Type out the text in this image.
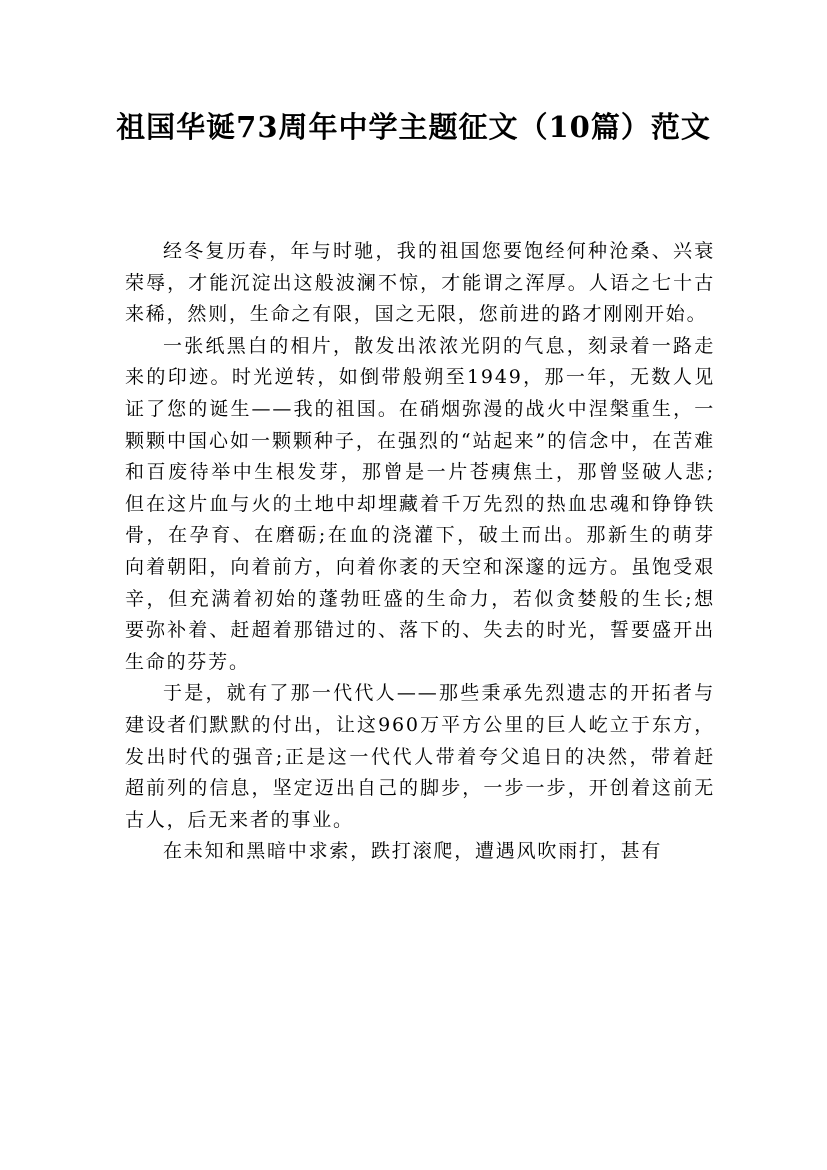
祖国华诞73周年中学主题征文（10篇）范文

经冬复历春，年与时驰，我的祖国您要饱经何种沧桑、兴衰荣辱，才能沉淀出这般波澜不惊，才能谓之浑厚。人语之七十古来稀，然则，生命之有限，国之无限，您前进的路才刚刚开始。

一张纸黑白的相片，散发出浓浓光阴的气息，刻录着一路走来的印迹。时光逆转，如倒带般朔至1949，那一年，无数人见证了您的诞生——我的祖国。在硝烟弥漫的战火中涅槃重生，一颗颗中国心如一颗颗种子，在强烈的“站起来”的信念中，在苦难和百废待举中生根发芽，那曾是一片苍痍焦土，那曾竖破人悲;但在这片血与火的土地中却埋藏着千万先烈的热血忠魂和铮铮铁骨，在孕育、在磨砺;在血的浇灌下，破土而出。那新生的萌芽向着朝阳，向着前方，向着你袤的天空和深邃的远方。虽饱受艰辛，但充满着初始的蓬勃旺盛的生命力，若似贪婪般的生长;想要弥补着、赶超着那错过的、落下的、失去的时光，誓要盛开出生命的芬芳。

于是，就有了那一代代人——那些秉承先烈遗志的开拓者与建设者们默默的付出，让这960万平方公里的巨人屹立于东方，发出时代的强音;正是这一代代人带着夸父追日的决然，带着赶超前列的信息，坚定迈出自己的脚步，一步一步，开创着这前无古人，后无来者的事业。

在未知和黑暗中求索，跌打滚爬，遭遇风吹雨打，甚有
